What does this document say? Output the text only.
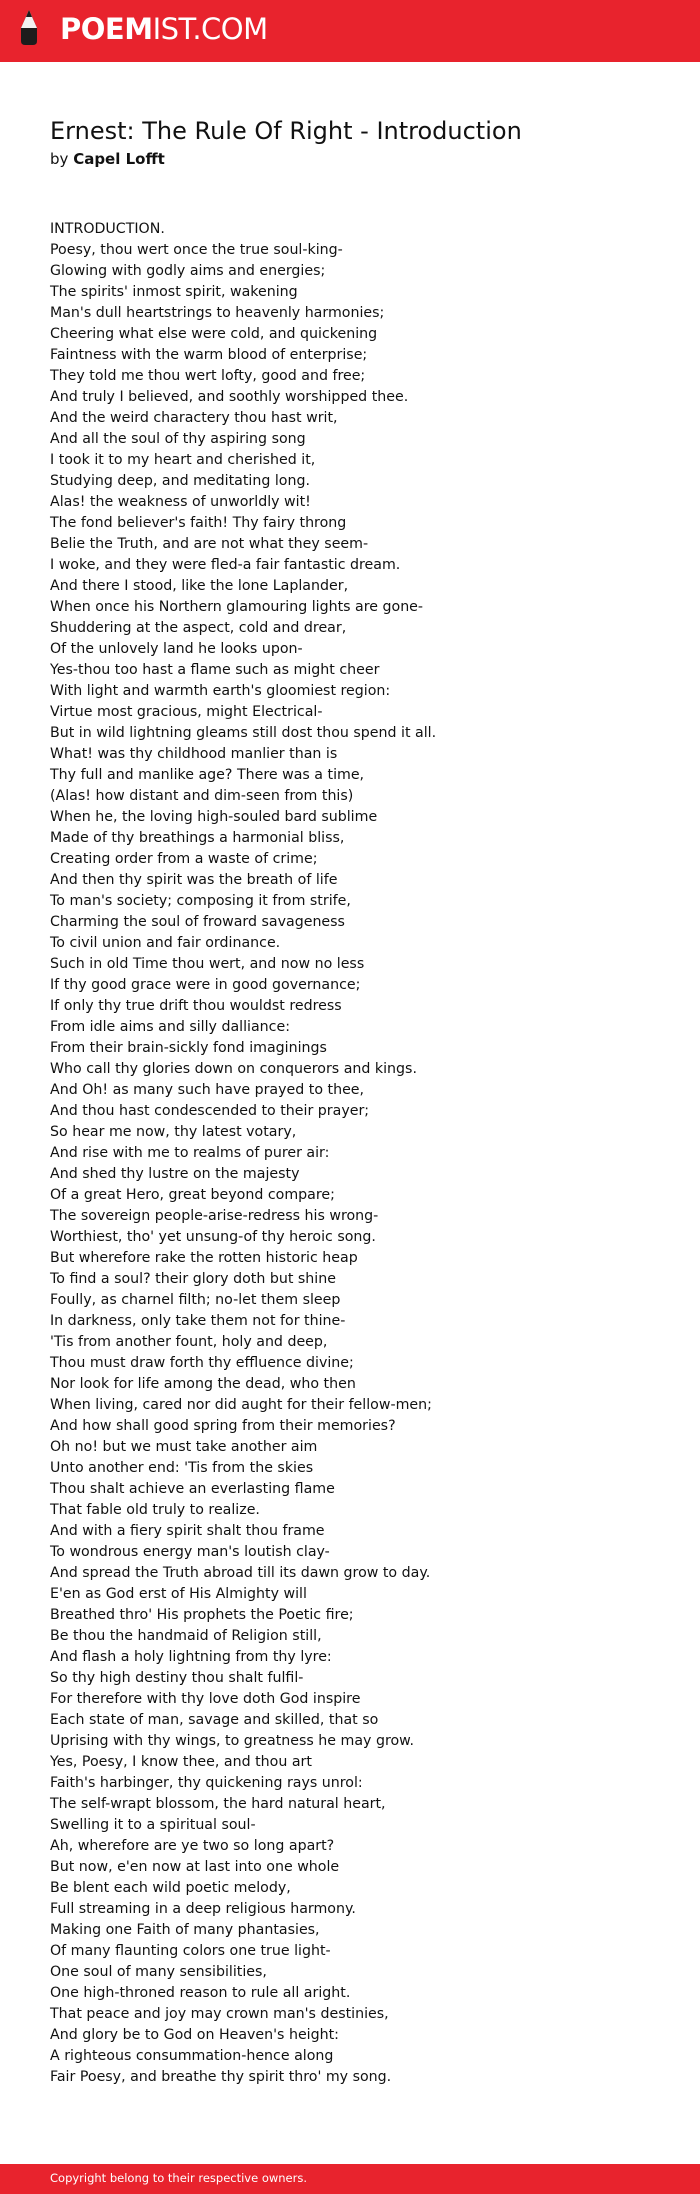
POEMIST.COM
Ernest: The Rule Of Right - Introduction
by Capel Lofft
INTRODUCTION.
Poesy, thou wert once the true soul-king-
Glowing with godly aims and energies;
The spirits' inmost spirit, wakening
Man's dull heartstrings to heavenly harmonies;
Cheering what else were cold, and quickening
Faintness with the warm blood of enterprise;
They told me thou wert lofty, good and free;
And truly I believed, and soothly worshipped thee.
And the weird charactery thou hast writ,
And all the soul of thy aspiring song
I took it to my heart and cherished it,
Studying deep, and meditating long.
Alas! the weakness of unworldly wit!
The fond believer's faith! Thy fairy throng
Belie the Truth, and are not what they seem-
I woke, and they were fled-a fair fantastic dream.
And there I stood, like the lone Laplander,
When once his Northern glamouring lights are gone-
Shuddering at the aspect, cold and drear,
Of the unlovely land he looks upon-
Yes-thou too hast a flame such as might cheer
With light and warmth earth's gloomiest region:
Virtue most gracious, might Electrical-
But in wild lightning gleams still dost thou spend it all.
What! was thy childhood manlier than is
Thy full and manlike age? There was a time,
(Alas! how distant and dim-seen from this)
When he, the loving high-souled bard sublime
Made of thy breathings a harmonial bliss,
Creating order from a waste of crime;
And then thy spirit was the breath of life
To man's society; composing it from strife,
Charming the soul of froward savageness
To civil union and fair ordinance.
Such in old Time thou wert, and now no less
If thy good grace were in good governance;
If only thy true drift thou wouldst redress
From idle aims and silly dalliance:
From their brain-sickly fond imaginings
Who call thy glories down on conquerors and kings.
And Oh! as many such have prayed to thee,
And thou hast condescended to their prayer;
So hear me now, thy latest votary,
And rise with me to realms of purer air:
And shed thy lustre on the majesty
Of a great Hero, great beyond compare;
The sovereign people-arise-redress his wrong-
Worthiest, tho' yet unsung-of thy heroic song.
But wherefore rake the rotten historic heap
To find a soul? their glory doth but shine
Foully, as charnel filth; no-let them sleep
In darkness, only take them not for thine-
'Tis from another fount, holy and deep,
Thou must draw forth thy effluence divine;
Nor look for life among the dead, who then
When living, cared nor did aught for their fellow-men;
And how shall good spring from their memories?
Oh no! but we must take another aim
Unto another end: 'Tis from the skies
Thou shalt achieve an everlasting flame
That fable old truly to realize.
And with a fiery spirit shalt thou frame
To wondrous energy man's loutish clay-
And spread the Truth abroad till its dawn grow to day.
E'en as God erst of His Almighty will
Breathed thro' His prophets the Poetic fire;
Be thou the handmaid of Religion still,
And flash a holy lightning from thy lyre:
So thy high destiny thou shalt fulfil-
For therefore with thy love doth God inspire
Each state of man, savage and skilled, that so
Uprising with thy wings, to greatness he may grow.
Yes, Poesy, I know thee, and thou art
Faith's harbinger, thy quickening rays unrol:
The self-wrapt blossom, the hard natural heart,
Swelling it to a spiritual soul-
Ah, wherefore are ye two so long apart?
But now, e'en now at last into one whole
Be blent each wild poetic melody,
Full streaming in a deep religious harmony.
Making one Faith of many phantasies,
Of many flaunting colors one true light-
One soul of many sensibilities,
One high-throned reason to rule all aright.
That peace and joy may crown man's destinies,
And glory be to God on Heaven's height:
A righteous consummation-hence along
Fair Poesy, and breathe thy spirit thro' my song.
Copyright belong to their respective owners.
